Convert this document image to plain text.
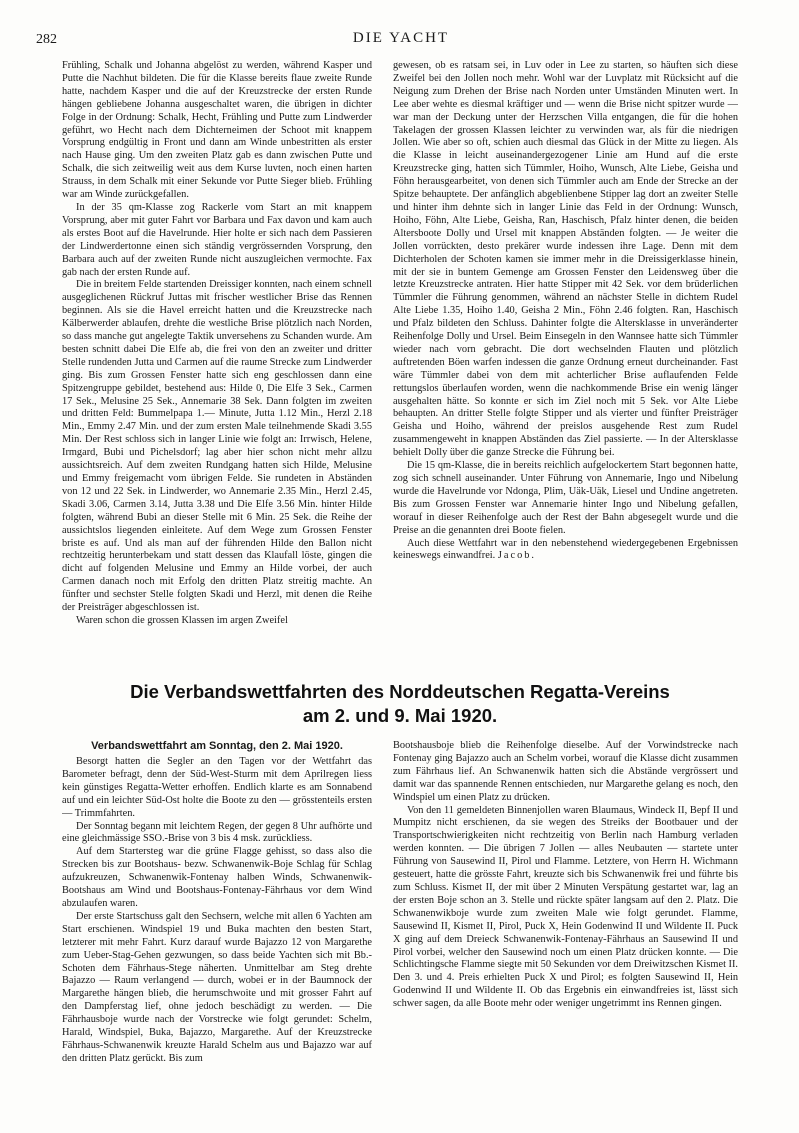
282	DIE YACHT

Frühling, Schalk und Johanna abgelöst zu werden, während Kasper und Putte die Nachhut bildeten. Die für die Klasse bereits flaue zweite Runde hatte, nachdem Kasper und die auf der Kreuzstrecke der ersten Runde hängen gebliebene Johanna ausgeschaltet waren, die übrigen in dichter Folge in der Ordnung: Schalk, Hecht, Frühling und Putte zum Lindwerder geführt, wo Hecht nach dem Dichterneimen der Schoot mit knappem Vorsprung endgültig in Front und dann am Winde unbestritten als erster nach Hause ging. Um den zweiten Platz gab es dann zwischen Putte und Schalk, die sich zeitweilig weit aus dem Kurse luvten, noch einen harten Strauss, in dem Schalk mit einer Sekunde vor Putte Sieger blieb. Frühling war am Winde zurückgefallen.

In der 35 qm-Klasse zog Rackerle vom Start an mit knappem Vorsprung, aber mit guter Fahrt vor Barbara und Fax davon und kam auch als erstes Boot auf die Havelrunde. Hier holte er sich nach dem Passieren der Lindwerdertonne einen sich ständig vergrössernden Vorsprung, den Barbara auch auf der zweiten Runde nicht auszugleichen vermochte. Fax gab nach der ersten Runde auf.

Die in breitem Felde startenden Dreissiger konnten, nach einem schnell ausgeglichenen Rückruf Juttas mit frischer westlicher Brise das Rennen beginnen. Als sie die Havel erreicht hatten und die Kreuzstrecke nach Kälberwerder ablaufen, drehte die westliche Brise plötzlich nach Norden, so dass manche gut angelegte Taktik unversehens zu Schanden wurde. Am besten schnitt dabei Die Elfe ab, die frei von den an zweiter und dritter Stelle rundenden Jutta und Carmen auf die raume Strecke zum Lindwerder ging. Bis zum Grossen Fenster hatte sich eng geschlossen dann eine Spitzengruppe gebildet, bestehend aus: Hilde 0, Die Elfe 3 Sek., Carmen 17 Sek., Melusine 25 Sek., Annemarie 38 Sek. Dann folgten im zweiten und dritten Feld: Bummelpapa 1.— Minute, Jutta 1.12 Min., Herzl 2.18 Min., Emmy 2.47 Min. und der zum ersten Male teilnehmende Skadi 3.55 Min. Der Rest schloss sich in langer Linie wie folgt an: Irrwisch, Helene, Irmgard, Bubi und Pichelsdorf; lag aber hier schon nicht mehr allzu aussichtsreich. Auf dem zweiten Rundgang hatten sich Hilde, Melusine und Emmy freigemacht vom übrigen Felde. Sie rundeten in Abständen von 12 und 22 Sek. in Lindwerder, wo Annemarie 2.35 Min., Herzl 2.45, Skadi 3.06, Carmen 3.14, Jutta 3.38 und Die Elfe 3.56 Min. hinter Hilde folgten, während Bubi an dieser Stelle mit 6 Min. 25 Sek. die Reihe der aussichtslos liegenden einleitete. Auf dem Wege zum Grossen Fenster briste es auf. Und als man auf der führenden Hilde den Ballon nicht rechtzeitig herunterbekam und statt dessen das Klaufall löste, gingen die dicht auf folgenden Melusine und Emmy an Hilde vorbei, der auch Carmen danach noch mit Erfolg den dritten Platz streitig machte. An fünfter und sechster Stelle folgten Skadi und Herzl, mit denen die Reihe der Preisträger abgeschlossen ist.

Waren schon die grossen Klassen im argen Zweifel

gewesen, ob es ratsam sei, in Luv oder in Lee zu starten, so häuften sich diese Zweifel bei den Jollen noch mehr. Wohl war der Luvplatz mit Rücksicht auf die Neigung zum Drehen der Brise nach Norden unter Umständen Minuten wert. In Lee aber wehte es diesmal kräftiger und — wenn die Brise nicht spitzer wurde — war man der Deckung unter der Herzschen Villa entgangen, die für die hohen Takelagen der grossen Klassen leichter zu verwinden war, als für die niedrigen Jollen. Wie aber so oft, schien auch diesmal das Glück in der Mitte zu liegen. Als die Klasse in leicht auseinandergezogener Linie am Hund auf die erste Kreuzstrecke ging, hatten sich Tümmler, Hoiho, Wunsch, Alte Liebe, Geisha und Föhn herausgearbeitet, von denen sich Tümmler auch am Ende der Strecke an der Spitze behauptete. Der anfänglich abgeblienbene Stipper lag dort an zweiter Stelle und hinter ihm dehnte sich in langer Linie das Feld in der Ordnung: Wunsch, Hoiho, Föhn, Alte Liebe, Geisha, Ran, Haschisch, Pfalz hinter denen, die beiden Altersboote Dolly und Ursel mit knappen Abständen folgten. — Je weiter die Jollen vorrückten, desto prekärer wurde indessen ihre Lage. Denn mit dem Dichterholen der Schoten kamen sie immer mehr in die Dreissigerklasse hinein, mit der sie in buntem Gemenge am Grossen Fenster den Leidensweg über die letzte Kreuzstrecke antraten. Hier hatte Stipper mit 42 Sek. vor dem brüderlichen Tümmler die Führung genommen, während an nächster Stelle in dichtem Rudel Alte Liebe 1.35, Hoiho 1.40, Geisha 2 Min., Föhn 2.46 folgten. Ran, Haschisch und Pfalz bildeten den Schluss. Dahinter folgte die Altersklasse in unveränderter Reihenfolge Dolly und Ursel. Beim Einsegeln in den Wannsee hatte sich Tümmler wieder nach vorn gebracht. Die dort wechselnden Flauten und plötzlich auftretenden Böen warfen indessen die ganze Ordnung erneut durcheinander. Fast wäre Tümmler dabei von dem mit achterlicher Brise auflaufenden Felde rettungslos überlaufen worden, wenn die nachkommende Brise ein wenig länger ausgehalten hätte. So konnte er sich im Ziel noch mit 5 Sek. vor Alte Liebe behaupten. An dritter Stelle folgte Stipper und als vierter und fünfter Preisträger Geisha und Hoiho, während der preislos ausgehende Rest zum Rudel zusammengeweht in knappen Abständen das Ziel passierte. — In der Altersklasse behielt Dolly über die ganze Strecke die Führung bei.

Die 15 qm-Klasse, die in bereits reichlich aufgelockertem Start begonnen hatte, zog sich schnell auseinander. Unter Führung von Annemarie, Ingo und Nibelung wurde die Havelrunde vor Ndonga, Plim, Uäk-Uäk, Liesel und Undine angetreten. Bis zum Grossen Fenster war Annemarie hinter Ingo und Nibelung gefallen, worauf in dieser Reihenfolge auch der Rest der Bahn abgesegelt wurde und die Preise an die genannten drei Boote fielen.

Auch diese Wettfahrt war in den nebenstehend wiedergegebenen Ergebnissen keineswegs einwandfrei. Jacob.

Die Verbandswettfahrten des Norddeutschen Regatta-Vereins
am 2. und 9. Mai 1920.
Verbandswettfahrt am Sonntag, den 2. Mai 1920.

Besorgt hatten die Segler an den Tagen vor der Wettfahrt das Barometer befragt, denn der Süd-West-Sturm mit dem Aprilregen liess kein günstiges Regatta-Wetter erhoffen. Endlich klarte es am Sonnabend auf und ein leichter Süd-Ost holte die Boote zu den — grösstenteils ersten — Trimmfahrten.

Der Sonntag begann mit leichtem Regen, der gegen 8 Uhr aufhörte und eine gleichmässige SSO.-Brise von 3 bis 4 msk. zurückliess.

Auf dem Startersteg war die grüne Flagge gehisst, so dass also die Strecken bis zur Bootshaus- bezw. Schwanenwik-Boje Schlag für Schlag aufzukreuzen, Schwanenwik-Fontenay halben Winds, Schwanenwik-Bootshaus am Wind und Bootshaus-Fontenay-Fährhaus vor dem Wind abzulaufen waren.

Der erste Startschuss galt den Sechsern, welche mit allen 6 Yachten am Start erschienen. Windspiel 19 und Buka machten den besten Start, letzterer mit mehr Fahrt. Kurz darauf wurde Bajazzo 12 von Margarethe zum Ueber-Stag-Gehen gezwungen, so dass beide Yachten sich mit Bb.-Schoten dem Fährhaus-Stege näherten. Unmittelbar am Steg drehte Bajazzo — Raum verlangend — durch, wobei er in der Baumnock der Margarethe hängen blieb, die herumschwoite und mit grosser Fahrt auf den Dampferstag lief, ohne jedoch beschädigt zu werden. — Die Fährhausboje wurde nach der Vorstrecke wie folgt gerundet: Schelm, Harald, Windspiel, Buka, Bajazzo, Margarethe. Auf der Kreuzstrecke Fährhaus-Schwanenwik kreuzte Harald Schelm aus und Bajazzo war auf den dritten Platz gerückt. Bis zum

Bootshausboje blieb die Reihenfolge dieselbe. Auf der Vorwindstrecke nach Fontenay ging Bajazzo auch an Schelm vorbei, worauf die Klasse dicht zusammen zum Fährhaus lief. An Schwanenwik hatten sich die Abstände vergrössert und damit war das spannende Rennen entschieden, nur Margarethe gelang es noch, den Windspiel um einen Platz zu drücken.

Von den 11 gemeldeten Binnenjollen waren Blaumaus, Windeck II, Bepf II und Mumpitz nicht erschienen, da sie wegen des Streiks der Bootbauer und der Transportschwierigkeiten nicht rechtzeitig von Berlin nach Hamburg verladen werden konnten. — Die übrigen 7 Jollen — alles Neubauten — startete unter Führung von Sausewind II, Pirol und Flamme. Letztere, von Herrn H. Wichmann gesteuert, hatte die grösste Fahrt, kreuzte sich bis Schwanenwik frei und führte bis zum Schluss. Kismet II, der mit über 2 Minuten Verspätung gestartet war, lag an der ersten Boje schon an 3. Stelle und rückte später langsam auf den 2. Platz. Die Schwanenwikboje wurde zum zweiten Male wie folgt gerundet. Flamme, Sausewind II, Kismet II, Pirol, Puck X, Hein Godenwind II und Wildente II. Puck X ging auf dem Dreieck Schwanenwik-Fontenay-Fährhaus an Sausewind II und Pirol vorbei, welcher den Sausewind noch um einen Platz drücken konnte. — Die Schlichtingsche Flamme siegte mit 50 Sekunden vor dem Dreiwitzschen Kismet II. Den 3. und 4. Preis erhielten Puck X und Pirol; es folgten Sausewind II, Hein Godenwind II und Wildente II. Ob das Ergebnis ein einwandfreies ist, lässt sich schwer sagen, da alle Boote mehr oder weniger ungetrimmt ins Rennen gingen.
